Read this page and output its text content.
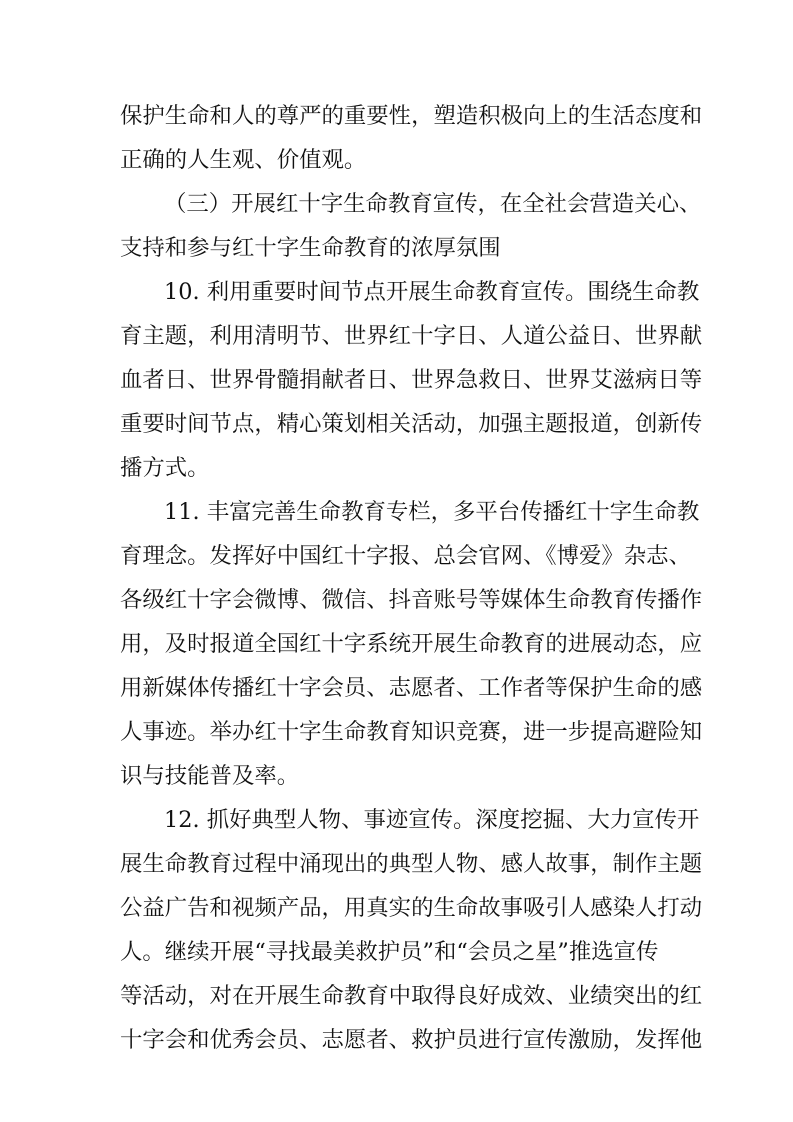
保护生命和人的尊严的重要性，塑造积极向上的生活态度和
正确的人生观、价值观。
（三）开展红十字生命教育宣传，在全社会营造关心、
支持和参与红十字生命教育的浓厚氛围
10. 利用重要时间节点开展生命教育宣传。围绕生命教
育主题，利用清明节、世界红十字日、人道公益日、世界献
血者日、世界骨髓捐献者日、世界急救日、世界艾滋病日等
重要时间节点，精心策划相关活动，加强主题报道，创新传
播方式。
11. 丰富完善生命教育专栏，多平台传播红十字生命教
育理念。发挥好中国红十字报、总会官网、《博爱》杂志、
各级红十字会微博、微信、抖音账号等媒体生命教育传播作
用，及时报道全国红十字系统开展生命教育的进展动态，应
用新媒体传播红十字会员、志愿者、工作者等保护生命的感
人事迹。举办红十字生命教育知识竞赛，进一步提高避险知
识与技能普及率。
12. 抓好典型人物、事迹宣传。深度挖掘、大力宣传开
展生命教育过程中涌现出的典型人物、感人故事，制作主题
公益广告和视频产品，用真实的生命故事吸引人感染人打动
人。继续开展“寻找最美救护员”和“会员之星”推选宣传
等活动，对在开展生命教育中取得良好成效、业绩突出的红
十字会和优秀会员、志愿者、救护员进行宣传激励，发挥他
